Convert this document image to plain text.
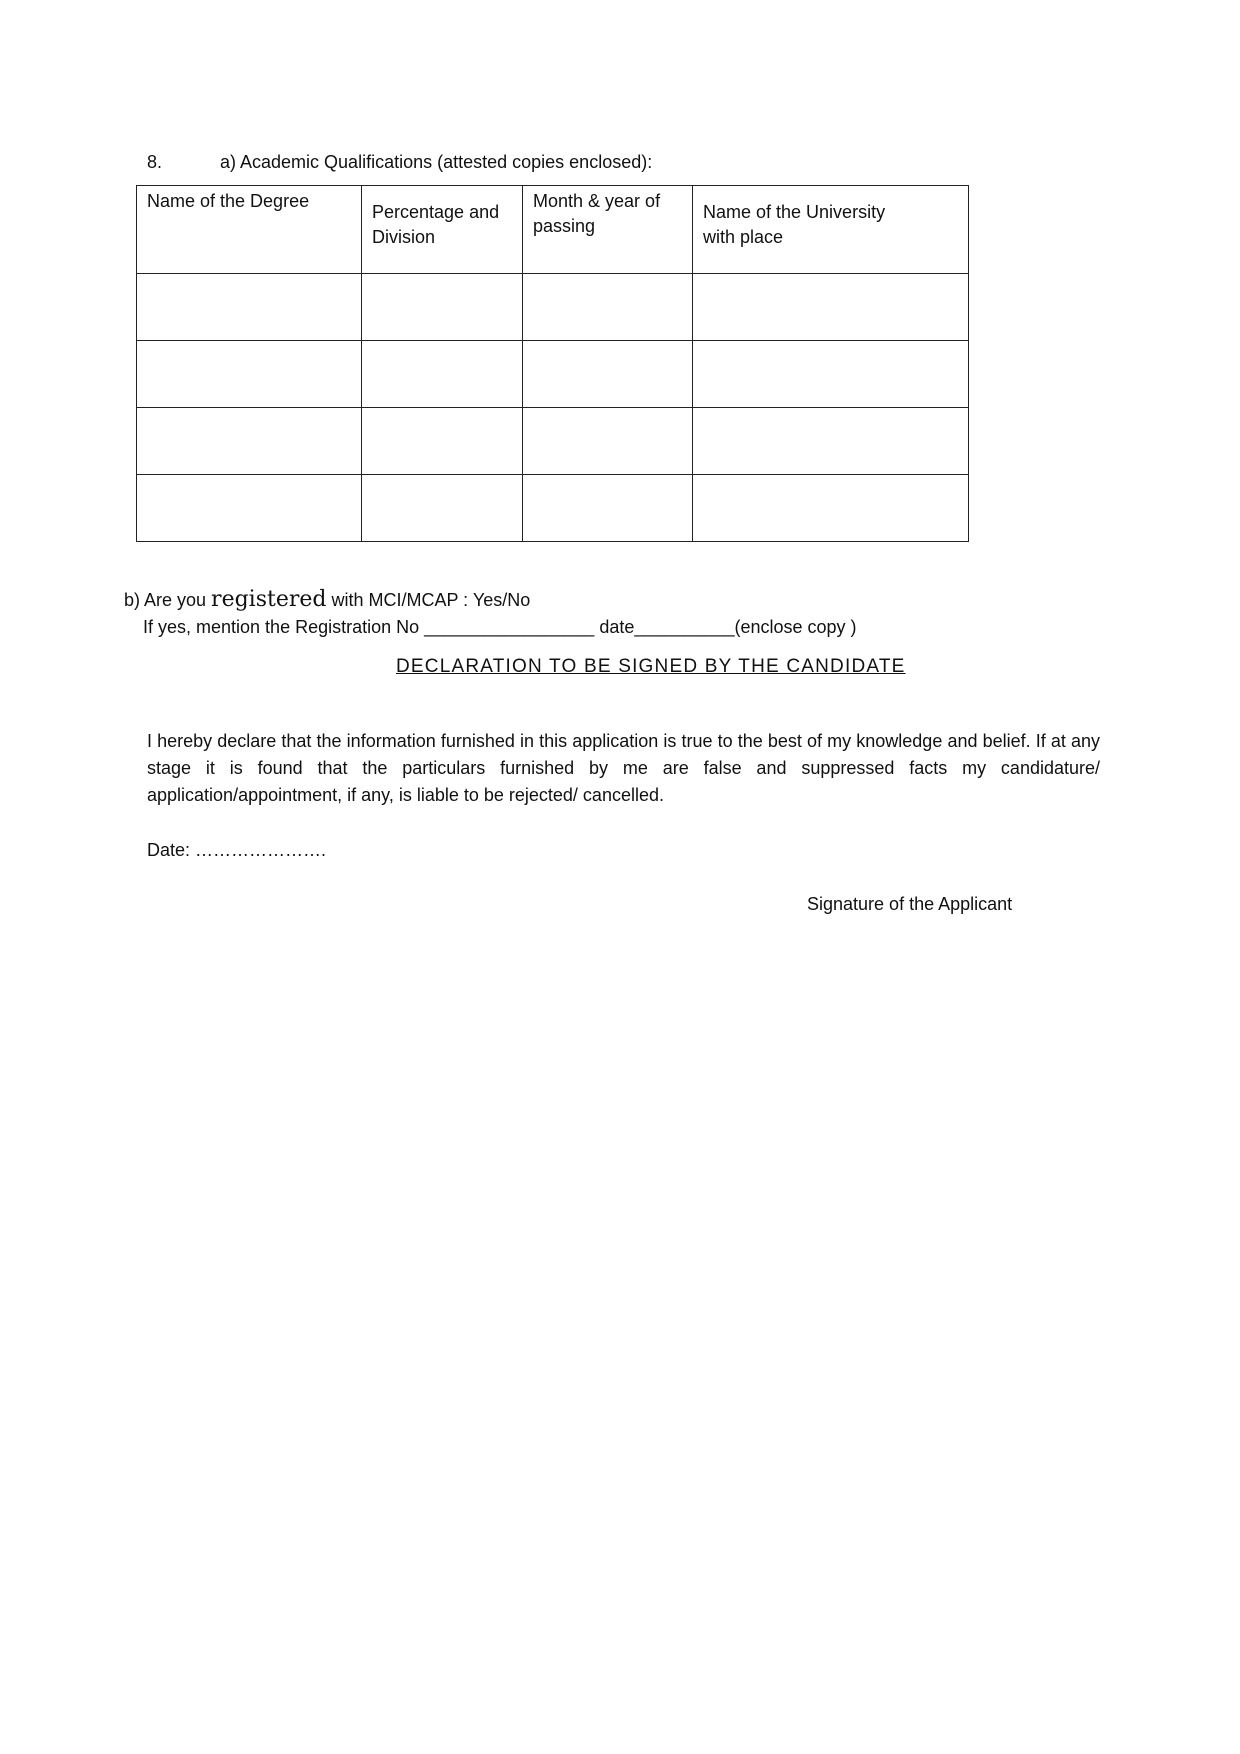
8.	a) Academic Qualifications (attested copies enclosed):
Name of the Degree	Percentage and Division	Month & year of passing	Name of the University with place

b) Are you registered with MCI/MCAP : Yes/No
If yes, mention the Registration No _________________ date__________(enclose copy )
DECLARATION TO BE SIGNED BY THE CANDIDATE
I hereby declare that the information furnished in this application is true to the best of my knowledge and belief. If at any stage it is found that the particulars furnished by me are false and suppressed facts my candidature/ application/appointment, if any, is liable to be rejected/ cancelled.
Date: ………………….
Signature of the Applicant
